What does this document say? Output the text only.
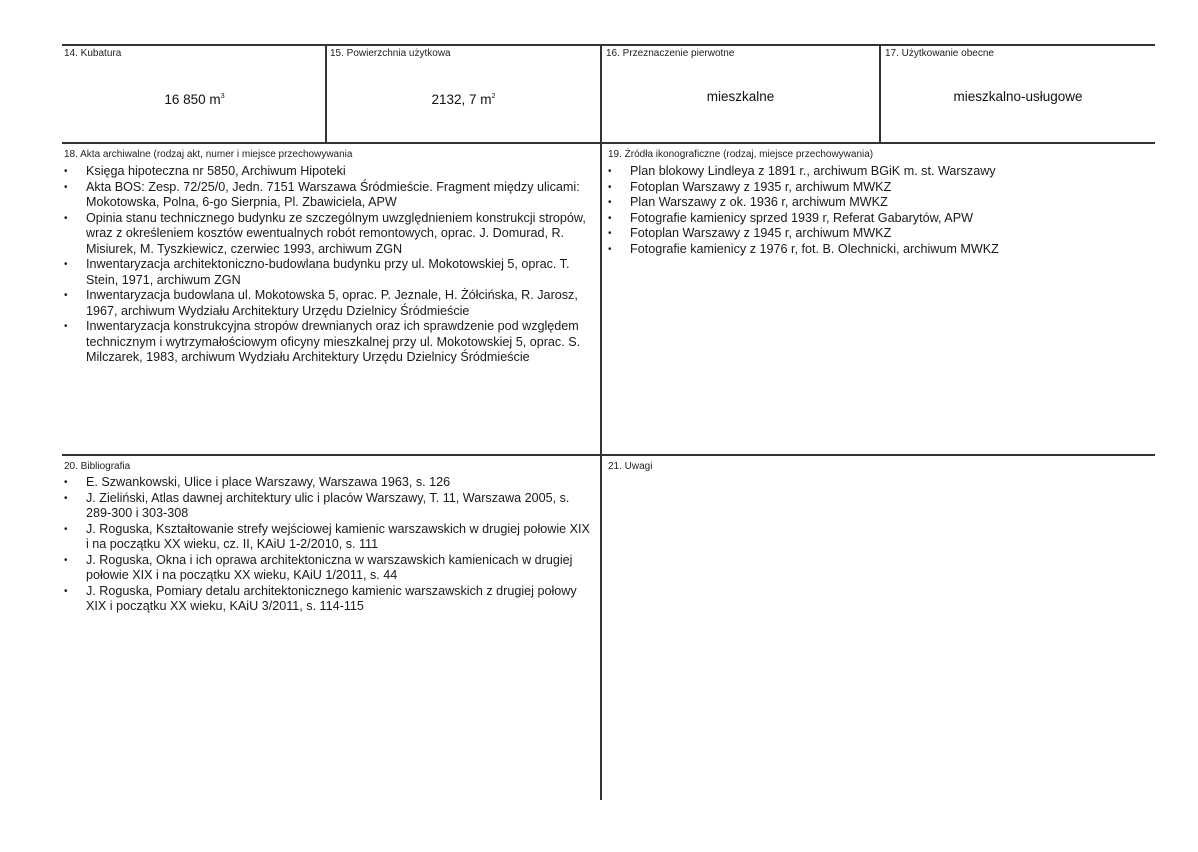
14. Kubatura
16 850 $m^3$
15. Powierzchnia użytkowa
2132, 7 $m^2$
16. Przeznaczenie pierwotne
mieszkalne
17. Użytkowanie obecne
mieszkalno-usługowe
18. Akta archiwalne (rodzaj akt, numer i miejsce przechowywania
• Księga hipoteczna nr 5850, Archiwum Hipoteki
• Akta BOS: Zesp. 72/25/0, Jedn. 7151 Warszawa Śródmieście. Fragment między ulicami: Mokotowska, Polna, 6-go Sierpnia, Pl. Zbawiciela, APW
• Opinia stanu technicznego budynku ze szczególnym uwzględnieniem konstrukcji stropów, wraz z określeniem kosztów ewentualnych robót remontowych, oprac. J. Domurad, R. Misiurek, M. Tyszkiewicz, czerwiec 1993, archiwum ZGN
• Inwentaryzacja architektoniczno-budowlana budynku przy ul. Mokotowskiej 5, oprac. T. Stein, 1971, archiwum ZGN
• Inwentaryzacja budowlana ul. Mokotowska 5, oprac. P. Jeznale, H. Żółcińska, R. Jarosz, 1967, archiwum Wydziału Architektury Urzędu Dzielnicy Śródmieście
• Inwentaryzacja konstrukcyjna stropów drewnianych oraz ich sprawdzenie pod względem technicznym i wytrzymałościowym oficyny mieszkalnej przy ul. Mokotowskiej 5, oprac. S. Milczarek, 1983, archiwum Wydziału Architektury Urzędu Dzielnicy Śródmieście
19. Źródła ikonograficzne (rodzaj, miejsce przechowywania)
• Plan blokowy Lindleya z 1891 r., archiwum BGiK m. st. Warszawy
• Fotoplan Warszawy z 1935 r, archiwum MWKZ
• Plan Warszawy z ok. 1936 r, archiwum MWKZ
• Fotografie kamienicy sprzed 1939 r, Referat Gabarytów, APW
• Fotoplan Warszawy z 1945 r, archiwum MWKZ
• Fotografie kamienicy z 1976 r, fot. B. Olechnicki, archiwum MWKZ
20. Bibliografia
• E. Szwankowski, Ulice i place Warszawy, Warszawa 1963, s. 126
• J. Zieliński, Atlas dawnej architektury ulic i placów Warszawy, T. 11, Warszawa 2005, s. 289-300 i 303-308
• J. Roguska, Kształtowanie strefy wejściowej kamienic warszawskich w drugiej połowie XIX i na początku XX wieku, cz. II, KAiU 1-2/2010, s. 111
• J. Roguska, Okna i ich oprawa architektoniczna w warszawskich kamienicach w drugiej połowie XIX i na początku XX wieku, KAiU 1/2011, s. 44
• J. Roguska, Pomiary detalu architektonicznego kamienic warszawskich z drugiej połowy XIX i początku XX wieku, KAiU 3/2011, s. 114-115
21. Uwagi
